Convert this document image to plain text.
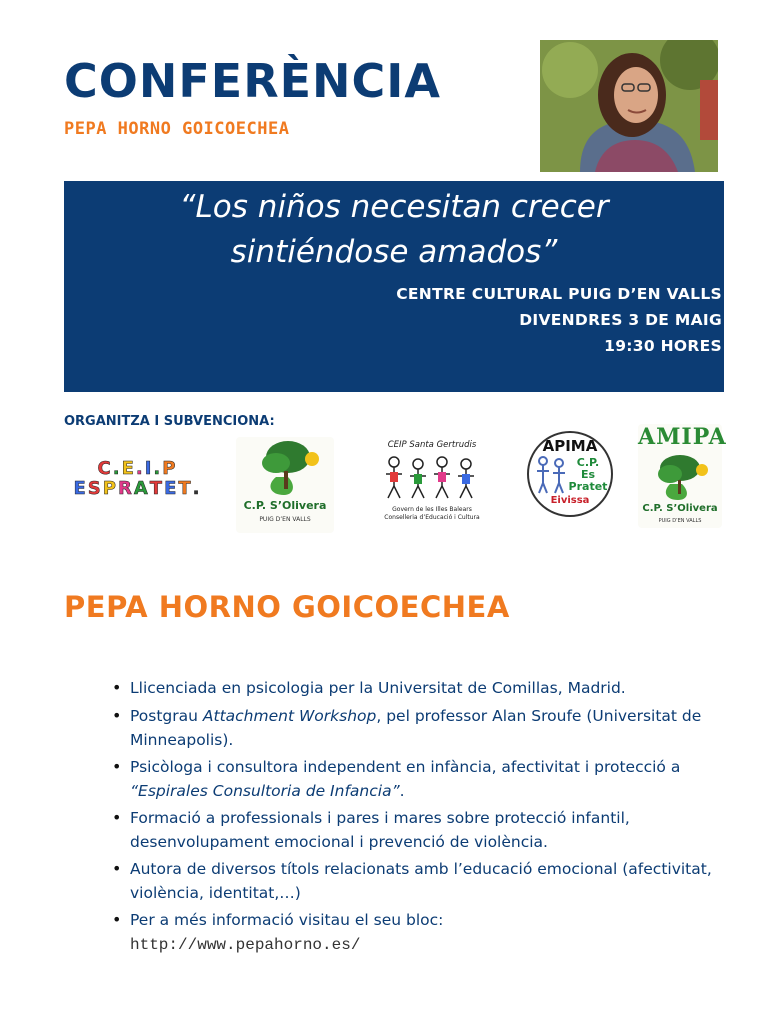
CONFERÈNCIA
PEPA HORNO GOICOECHEA
“Los niños necesitan crecer
sintiéndose amados”
CENTRE CULTURAL PUIG D’EN VALLS
DIVENDRES 3 DE MAIG
19:30 HORES
ORGANITZA I SUBVENCIONA:
C.E.I.P
ESPRATET.
C.P. S’Olivera
PUIG D’EN VALLS
CEIP Santa Gertrudis
Govern de les Illes Balears
Conselleria d’Educació i Cultura
APIMA
C.P.
Es Pratet
Eivissa
AMIPA
C.P. S’Olivera
PUIG D’EN VALLS
PEPA HORNO GOICOECHEA
• Llicenciada en psicologia per la Universitat de Comillas, Madrid.
• Postgrau Attachment Workshop, pel professor Alan Sroufe (Universitat de Minneapolis).
• Psicòloga i consultora independent en infància, afectivitat i protecció a “Espirales Consultoria de Infancia”.
• Formació a professionals i pares i mares sobre protecció infantil, desenvolupament emocional i prevenció de violència.
• Autora de diversos títols relacionats amb l’educació emocional (afectivitat, violència, identitat,…)
• Per a més informació visitau el seu bloc:
http://www.pepahorno.es/
